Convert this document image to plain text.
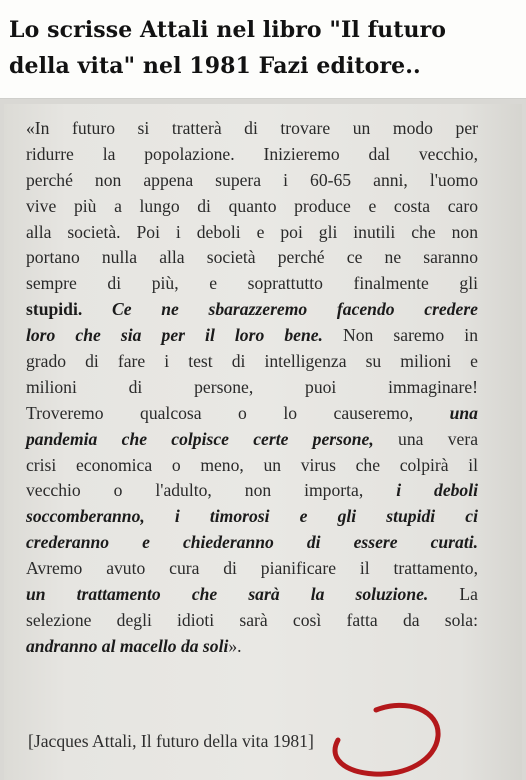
Lo scrisse Attali nel libro "Il futuro
della vita" nel 1981 Fazi editore..
«In futuro si tratterà di trovare un modo per
ridurre la popolazione. Inizieremo dal vecchio,
perché non appena supera i 60-65 anni, l'uomo
vive più a lungo di quanto produce e costa caro
alla società. Poi i deboli e poi gli inutili che non
portano nulla alla società perché ce ne saranno
sempre di più, e soprattutto finalmente gli
stupidi. Ce ne sbarazzeremo facendo credere
loro che sia per il loro bene. Non saremo in
grado di fare i test di intelligenza su milioni e
milioni di persone, puoi immaginare!
Troveremo qualcosa o lo causeremo, una
pandemia che colpisce certe persone, una vera
crisi economica o meno, un virus che colpirà il
vecchio o l'adulto, non importa, i deboli
soccomberanno, i timorosi e gli stupidi ci
crederanno e chiederanno di essere curati.
Avremo avuto cura di pianificare il trattamento,
un trattamento che sarà la soluzione. La
selezione degli idioti sarà così fatta da sola:
andranno al macello da soli».
[Jacques Attali, Il futuro della vita 1981]
